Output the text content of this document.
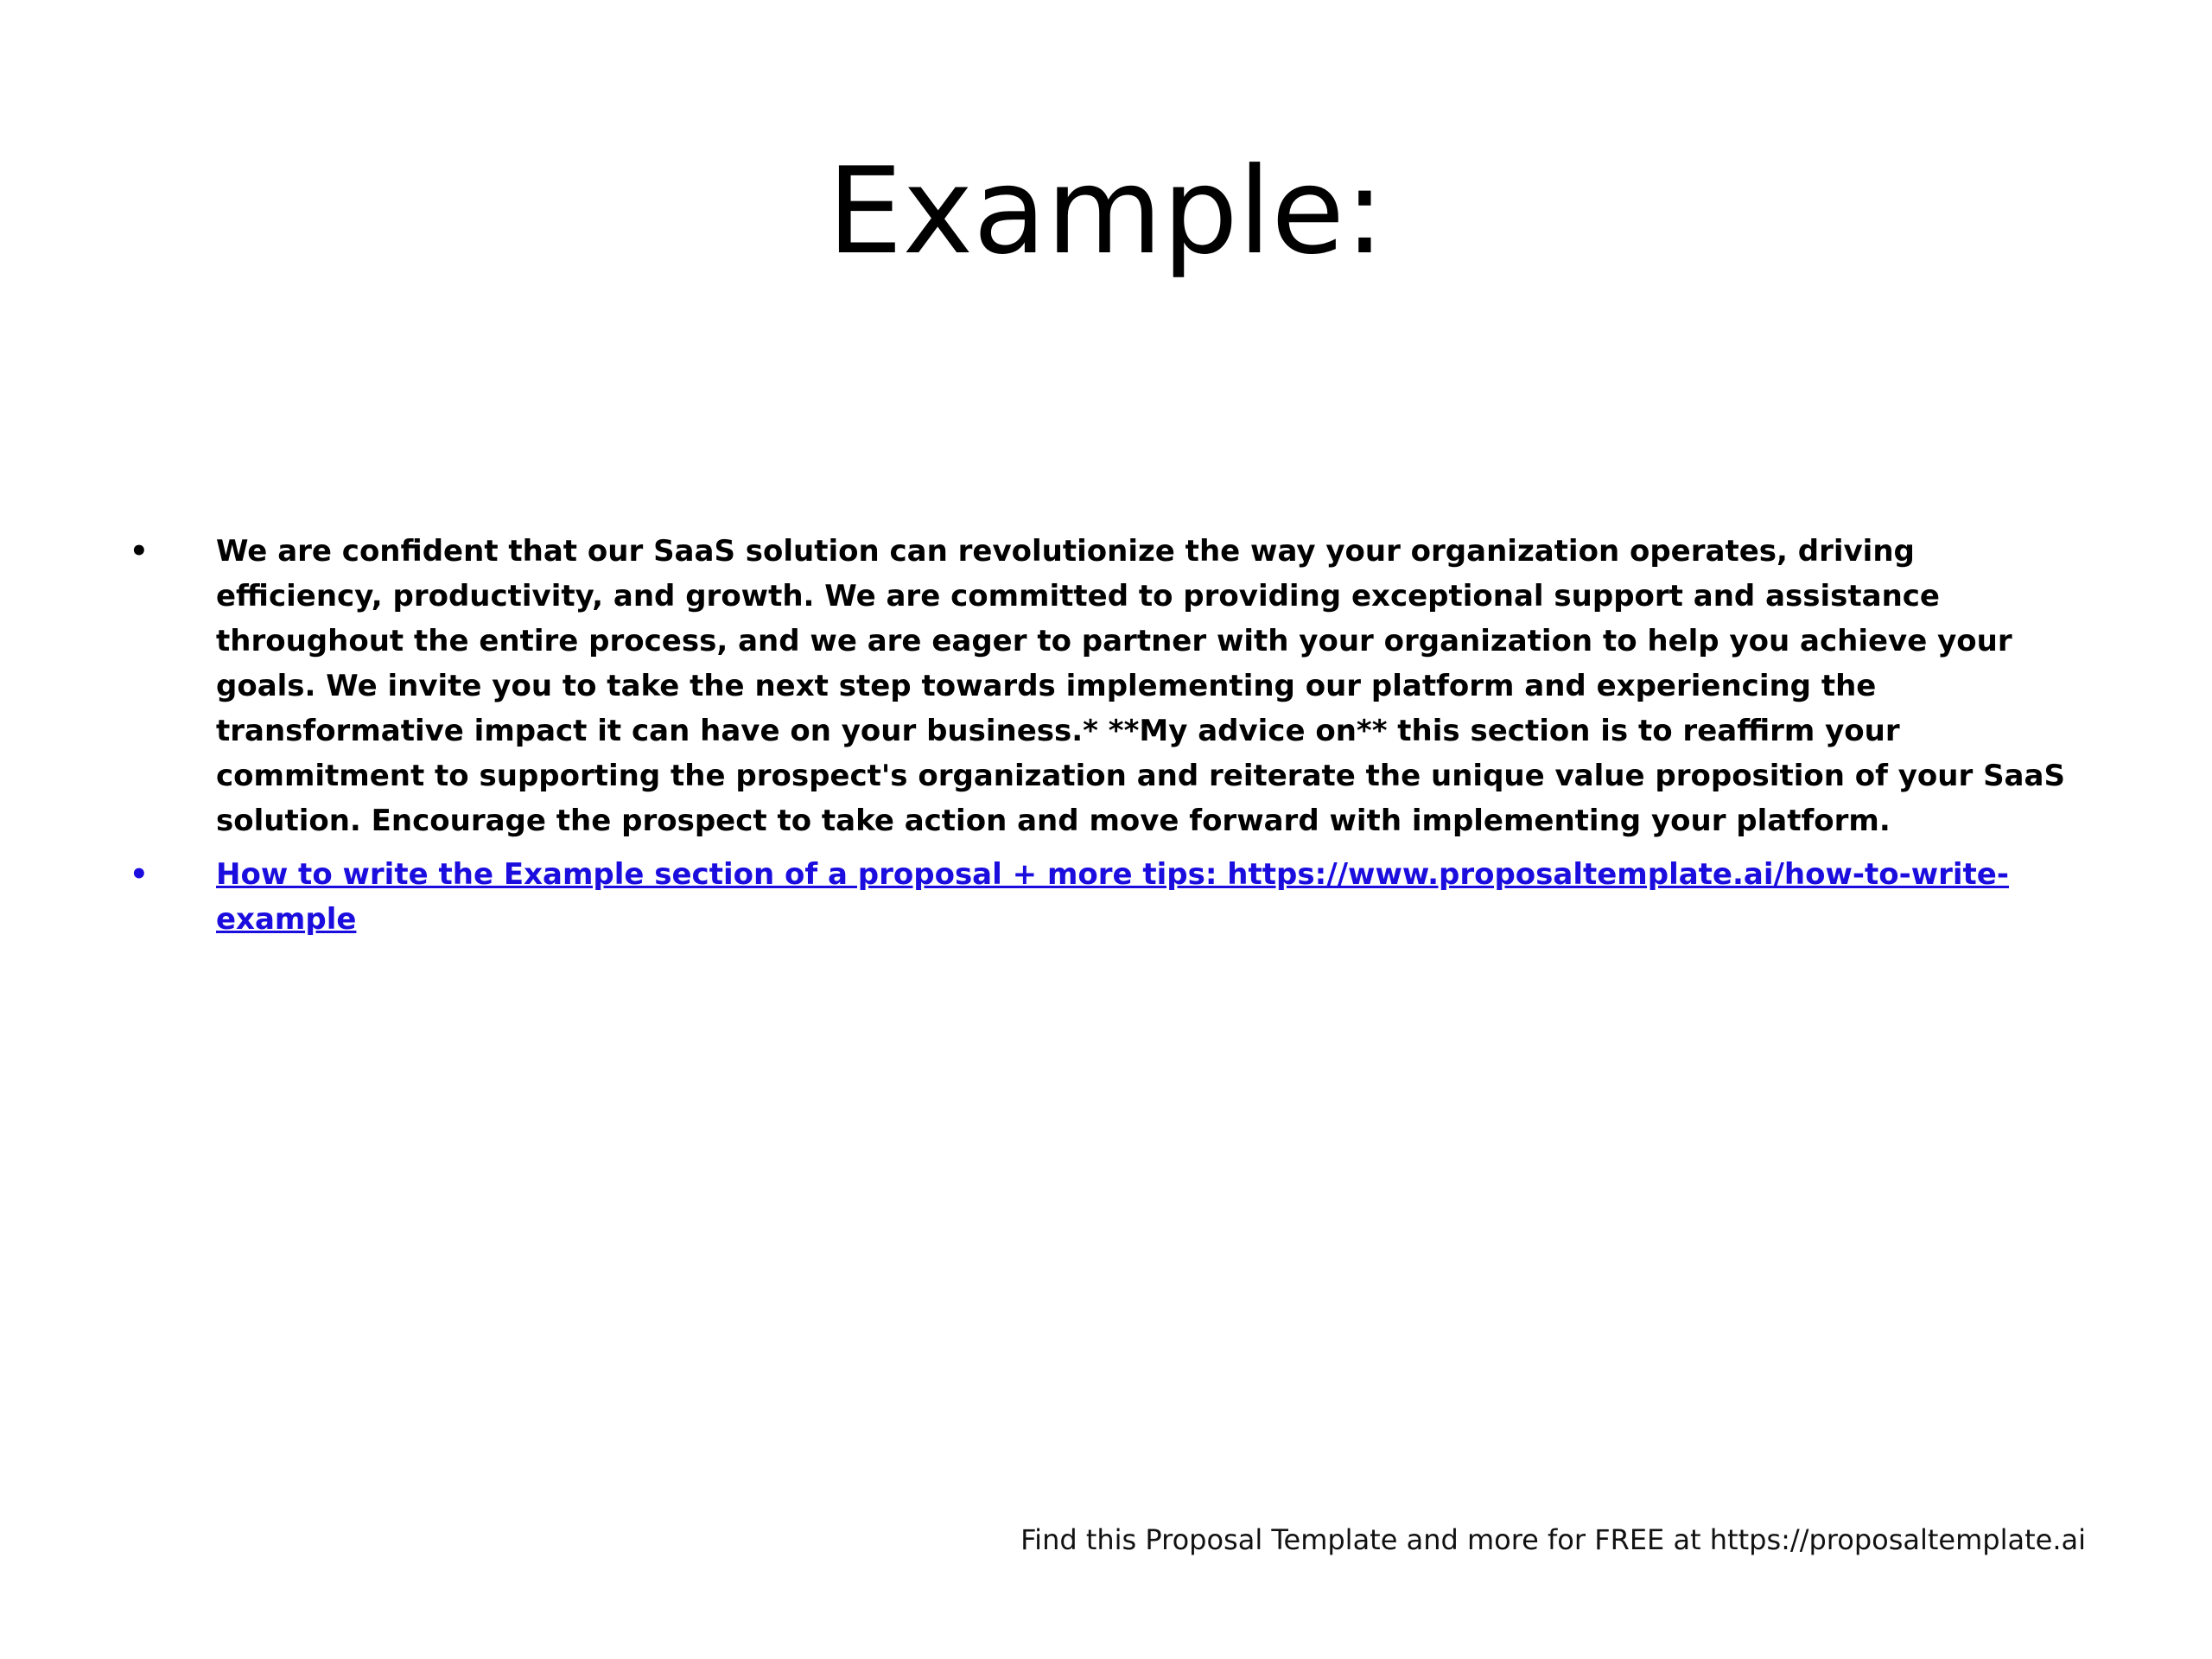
Example:
• We are confident that our SaaS solution can revolutionize the way your organization operates, driving efficiency, productivity, and growth. We are committed to providing exceptional support and assistance throughout the entire process, and we are eager to partner with your organization to help you achieve your goals. We invite you to take the next step towards implementing our platform and experiencing the transformative impact it can have on your business.* **My advice on** this section is to reaffirm your commitment to supporting the prospect's organization and reiterate the unique value proposition of your SaaS solution. Encourage the prospect to take action and move forward with implementing your platform.
• How to write the Example section of a proposal + more tips: https://www.proposaltemplate.ai/how-to-write-example
Find this Proposal Template and more for FREE at https://proposaltemplate.ai
